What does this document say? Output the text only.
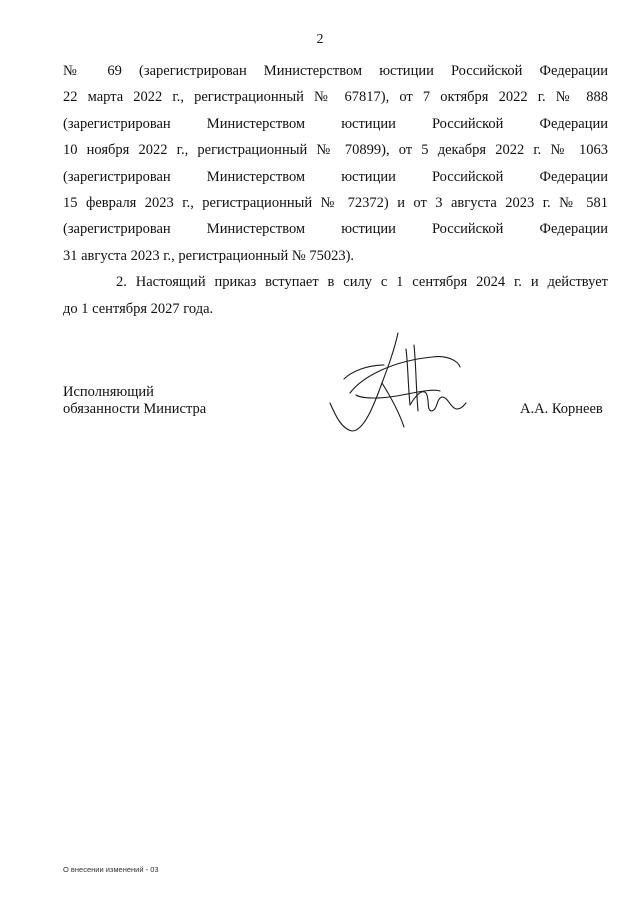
2
№ 69 (зарегистрирован Министерством юстиции Российской Федерации
22 марта 2022 г., регистрационный № 67817), от 7 октября 2022 г. № 888
(зарегистрирован Министерством юстиции Российской Федерации
10 ноября 2022 г., регистрационный № 70899), от 5 декабря 2022 г. № 1063
(зарегистрирован Министерством юстиции Российской Федерации
15 февраля 2023 г., регистрационный № 72372) и от 3 августа 2023 г. № 581
(зарегистрирован Министерством юстиции Российской Федерации
31 августа 2023 г., регистрационный № 75023).
2. Настоящий приказ вступает в силу с 1 сентября 2024 г. и действует
до 1 сентября 2027 года.
Исполняющий
обязанности Министра	А.А. Корнеев
О внесении изменений - 03
